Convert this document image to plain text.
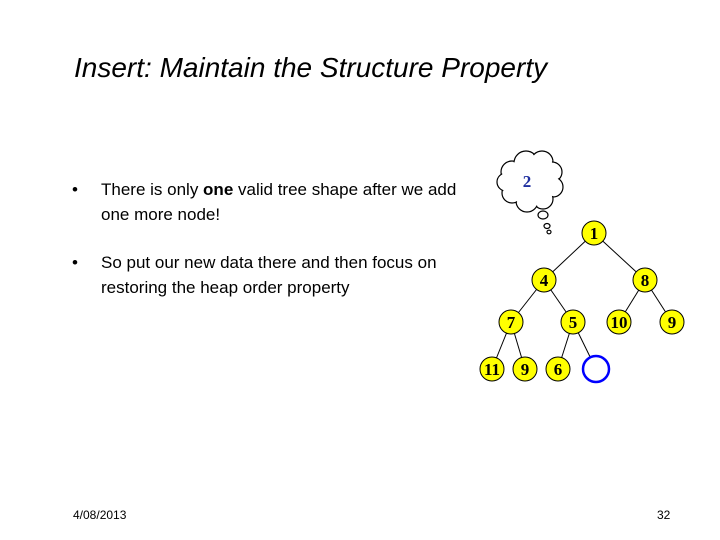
Insert: Maintain the Structure Property
• There is only one valid tree shape after we add one more node!
• So put our new data there and then focus on restoring the heap order property
2
1
4	8
7	5 10 9
11 9 6
4/08/2013	32
